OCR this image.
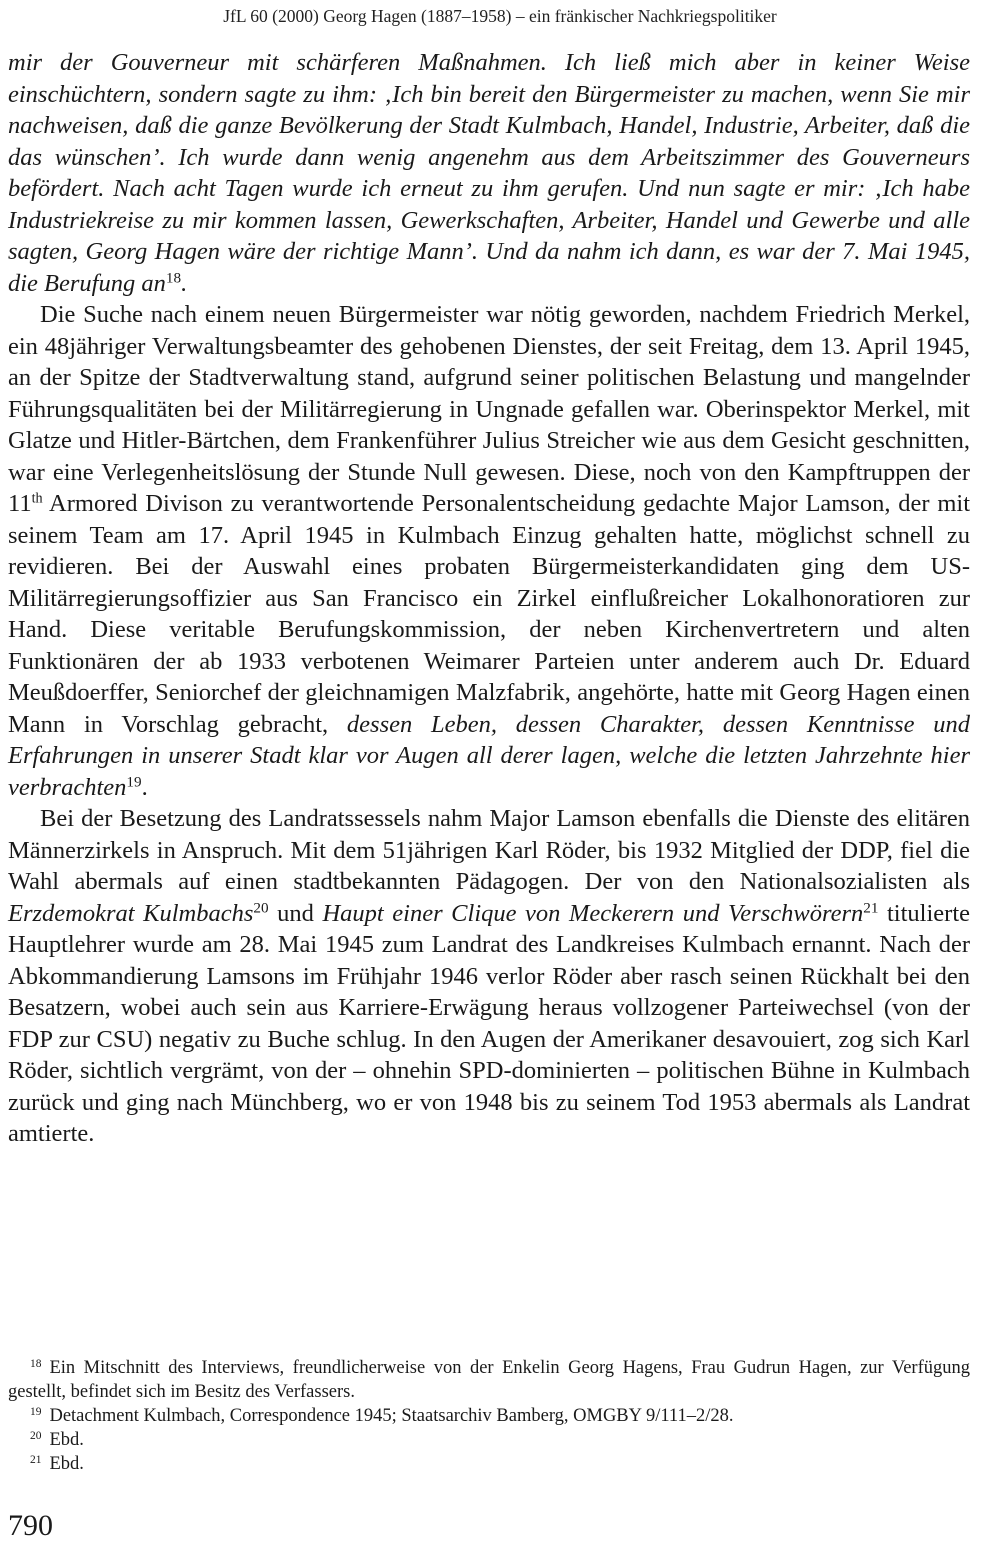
JfL 60 (2000) Georg Hagen (1887–1958) – ein fränkischer Nachkriegspolitiker

mir der Gouverneur mit schärferen Maßnahmen. Ich ließ mich aber in keiner Weise einschüchtern, sondern sagte zu ihm: ‚Ich bin bereit den Bürgermeister zu machen, wenn Sie mir nachweisen, daß die ganze Bevölkerung der Stadt Kulmbach, Handel, Industrie, Arbeiter, daß die das wünschen’. Ich wurde dann wenig angenehm aus dem Arbeitszimmer des Gouverneurs befördert. Nach acht Tagen wurde ich erneut zu ihm gerufen. Und nun sagte er mir: ‚Ich habe Industriekreise zu mir kommen lassen, Gewerkschaften, Arbeiter, Handel und Gewerbe und alle sagten, Georg Hagen wäre der richtige Mann’. Und da nahm ich dann, es war der 7. Mai 1945, die Berufung an$^{18}$.

Die Suche nach einem neuen Bürgermeister war nötig geworden, nachdem Friedrich Merkel, ein 48jähriger Verwaltungsbeamter des gehobenen Dienstes, der seit Freitag, dem 13. April 1945, an der Spitze der Stadtverwaltung stand, aufgrund seiner politischen Belastung und mangelnder Führungsqualitäten bei der Militärregierung in Ungnade gefallen war. Oberinspektor Merkel, mit Glatze und Hitler-Bärtchen, dem Frankenführer Julius Streicher wie aus dem Gesicht geschnitten, war eine Verlegenheitslösung der Stunde Null gewesen. Diese, noch von den Kampftruppen der 11th Armored Divison zu verantwortende Personalentscheidung gedachte Major Lamson, der mit seinem Team am 17. April 1945 in Kulmbach Einzug gehalten hatte, möglichst schnell zu revidieren. Bei der Auswahl eines probaten Bürgermeisterkandidaten ging dem US-Militärregierungsoffizier aus San Francisco ein Zirkel einflußreicher Lokalhonoratioren zur Hand. Diese veritable Berufungskommission, der neben Kirchenvertretern und alten Funktionären der ab 1933 verbotenen Weimarer Parteien unter anderem auch Dr. Eduard Meußdoerffer, Seniorchef der gleichnamigen Malzfabrik, angehörte, hatte mit Georg Hagen einen Mann in Vorschlag gebracht, dessen Leben, dessen Charakter, dessen Kenntnisse und Erfahrungen in unserer Stadt klar vor Augen all derer lagen, welche die letzten Jahrzehnte hier verbrachten$^{19}$.

Bei der Besetzung des Landratssessels nahm Major Lamson ebenfalls die Dienste des elitären Männerzirkels in Anspruch. Mit dem 51jährigen Karl Röder, bis 1932 Mitglied der DDP, fiel die Wahl abermals auf einen stadtbekannten Pädagogen. Der von den Nationalsozialisten als Erzdemokrat Kulmbachs$^{20}$ und Haupt einer Clique von Meckerern und Verschwörern$^{21}$ titulierte Hauptlehrer wurde am 28. Mai 1945 zum Landrat des Landkreises Kulmbach ernannt. Nach der Abkommandierung Lamsons im Frühjahr 1946 verlor Röder aber rasch seinen Rückhalt bei den Besatzern, wobei auch sein aus Karriere-Erwägung heraus vollzogener Parteiwechsel (von der FDP zur CSU) negativ zu Buche schlug. In den Augen der Amerikaner desavouiert, zog sich Karl Röder, sichtlich vergrämt, von der – ohnehin SPD-dominierten – politischen Bühne in Kulmbach zurück und ging nach Münchberg, wo er von 1948 bis zu seinem Tod 1953 abermals als Landrat amtierte.

$^{18}$ Ein Mitschnitt des Interviews, freundlicherweise von der Enkelin Georg Hagens, Frau Gudrun Hagen, zur Verfügung gestellt, befindet sich im Besitz des Verfassers.

$^{19}$ Detachment Kulmbach, Correspondence 1945; Staatsarchiv Bamberg, OMGBY 9/111–2/28.

$^{20}$ Ebd.

$^{21}$ Ebd.

790
